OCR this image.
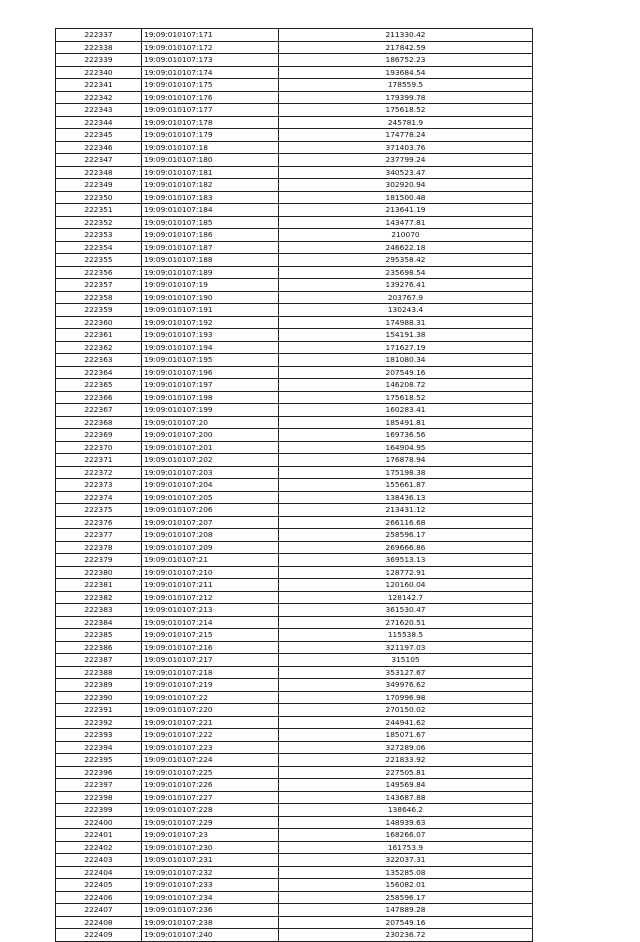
222337	19:09:010107:171	211330.42
222338	19:09:010107:172	217842.59
222339	19:09:010107:173	186752.23
222340	19:09:010107:174	193684.54
222341	19:09:010107:175	178559.5
222342	19:09:010107:176	179399.78
222343	19:09:010107:177	175618.52
222344	19:09:010107:178	245781.9
222345	19:09:010107:179	174778.24
222346	19:09:010107:18	371403.76
222347	19:09:010107:180	237799.24
222348	19:09:010107:181	340523.47
222349	19:09:010107:182	302920.94
222350	19:09:010107:183	181500.48
222351	19:09:010107:184	213641.19
222352	19:09:010107:185	143477.81
222353	19:09:010107:186	210070
222354	19:09:010107:187	246622.18
222355	19:09:010107:188	295358.42
222356	19:09:010107:189	235698.54
222357	19:09:010107:19	139276.41
222358	19:09:010107:190	203767.9
222359	19:09:010107:191	130243.4
222360	19:09:010107:192	174988.31
222361	19:09:010107:193	154191.38
222362	19:09:010107:194	171627.19
222363	19:09:010107:195	181080.34
222364	19:09:010107:196	207549.16
222365	19:09:010107:197	146208.72
222366	19:09:010107:198	175618.52
222367	19:09:010107:199	160283.41
222368	19:09:010107:20	185491.81
222369	19:09:010107:200	169736.56
222370	19:09:010107:201	164904.95
222371	19:09:010107:202	176878.94
222372	19:09:010107:203	175198.38
222373	19:09:010107:204	155661.87
222374	19:09:010107:205	138436.13
222375	19:09:010107:206	213431.12
222376	19:09:010107:207	266116.68
222377	19:09:010107:208	258596.17
222378	19:09:010107:209	269666.86
222379	19:09:010107:21	369513.13
222380	19:09:010107:210	128772.91
222381	19:09:010107:211	120160.04
222382	19:09:010107:212	128142.7
222383	19:09:010107:213	361530.47
222384	19:09:010107:214	271620.51
222385	19:09:010107:215	115538.5
222386	19:09:010107:216	321197.03
222387	19:09:010107:217	315105
222388	19:09:010107:218	353127.67
222389	19:09:010107:219	349976.62
222390	19:09:010107:22	170996.98
222391	19:09:010107:220	270150.02
222392	19:09:010107:221	244941.62
222393	19:09:010107:222	185071.67
222394	19:09:010107:223	327289.06
222395	19:09:010107:224	221833.92
222396	19:09:010107:225	227505.81
222397	19:09:010107:226	149569.84
222398	19:09:010107:227	143687.88
222399	19:09:010107:228	138646.2
222400	19:09:010107:229	148939.63
222401	19:09:010107:23	168266.07
222402	19:09:010107:230	161753.9
222403	19:09:010107:231	322037.31
222404	19:09:010107:232	135285.08
222405	19:09:010107:233	156082.01
222406	19:09:010107:234	258596.17
222407	19:09:010107:236	147889.28
222408	19:09:010107:238	207549.16
222409	19:09:010107:240	230236.72
